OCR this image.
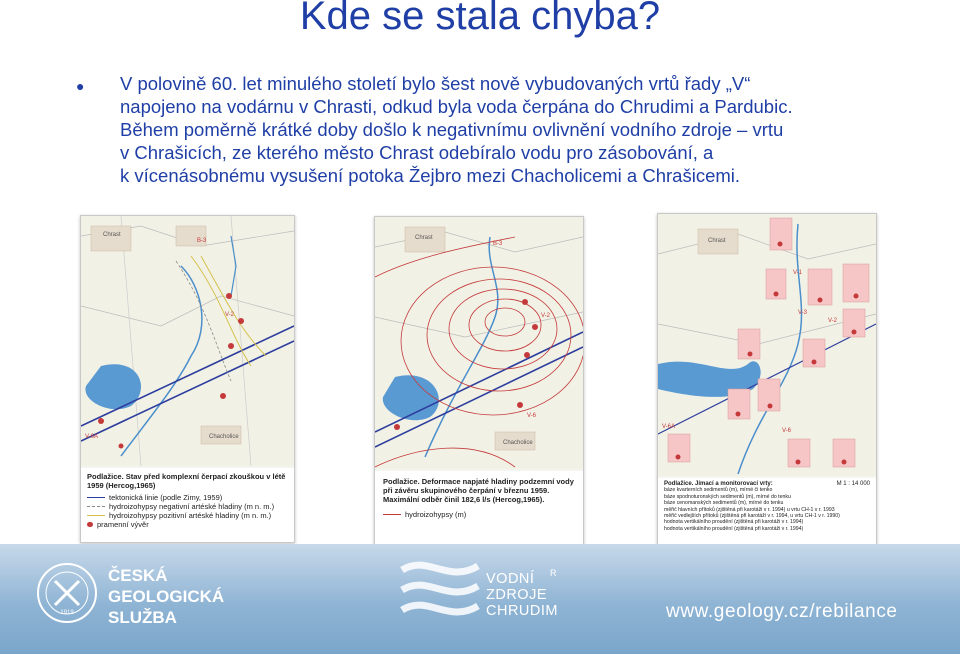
Kde se stala chyba?
● V polovině 60. let minulého století bylo šest nově vybudovaných vrtů řady „V“
napojeno na vodárnu v Chrasti, odkud byla voda čerpána do Chrudimi a Pardubic.
Během poměrně krátké doby došlo k negativnímu ovlivnění vodního zdroje – vrtu
v Chrašicích, ze kterého město Chrast odebíralo vodu pro zásobování, a
k vícenásobnému vysušení potoka Žejbro mezi Chacholicemi a Chrašicemi.
Chrast
B-3
V-2
V-6A	Chacholice
Podlažice. Stav před komplexní čerpací zkouškou v létě 1959 (Hercog,1965)
tektonická linie (podle Zimy, 1959)
hydroizohypsy negativní artéské hladiny (m n. m.)
hydroizohypsy pozitivní artéské hladiny (m n. m.)
pramenní vývěr
Chrast
B-3
V-2
V-6
Chacholice
Podlažice. Deformace napjaté hladiny podzemní vody při závěru skupinového čerpání v březnu 1959. Maximální odběr činil 182,6 l/s (Hercog,1965).
hydroizohypsy (m)
Chrast
V-1
V-2
V-3
V-6
V-6A
Podlažice. Jímací a monitorovací vrty:	M 1 : 14 000
báze kvarterních sedimentů (m), mírné či tenko
báze spodnoturonských sedimentů (m), mírné do tenku
báze cenomanských sedimentů (m), mírné do tenku
měřič hlavních přítoků (zjištěná při karotáži v r. 1994) u vrtu CH-1 v r. 1993
měřič vedlejších přítoků (zjištěná při karotáži v r. 1994, u vrtu CH-1 v r. 1990)
hodnota vertikálního proudění (zjištěná při karotáži v r. 1994)
hodnota vertikálního proudění (zjištěná při karotáži v r. 1994)
1919
ČESKÁ
GEOLOGICKÁ
SLUŽBA
VODNÍ
ZDROJE
CHRUDIM
R
www.geology.cz/rebilance
